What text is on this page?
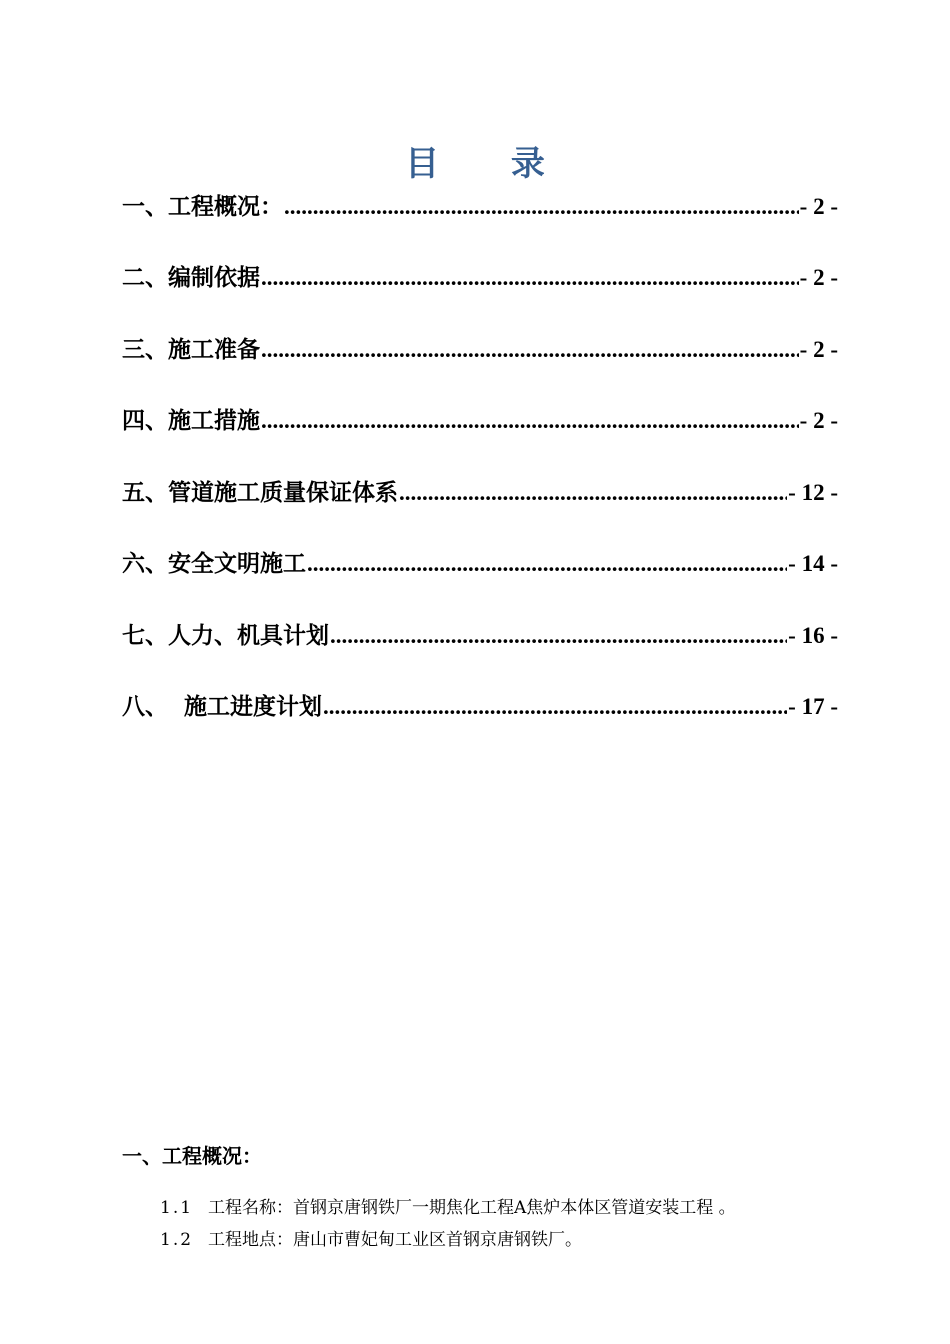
目 录
一、工程概况： .....	- 2 -
二、编制依据 .....	- 2 -
三、施工准备 .....	- 2 -
四、施工措施 .....	- 2 -
五、管道施工质量保证体系 .....	- 12 -
六、安全文明施工 .....	- 14 -
七、人力、机具计划 .....	- 16 -
八、  施工进度计划 .....	- 17 -
一、工程概况：
1.1 工程名称：首钢京唐钢铁厂一期焦化工程A焦炉本体区管道安装工程 。
1.2 工程地点：唐山市曹妃甸工业区首钢京唐钢铁厂。
